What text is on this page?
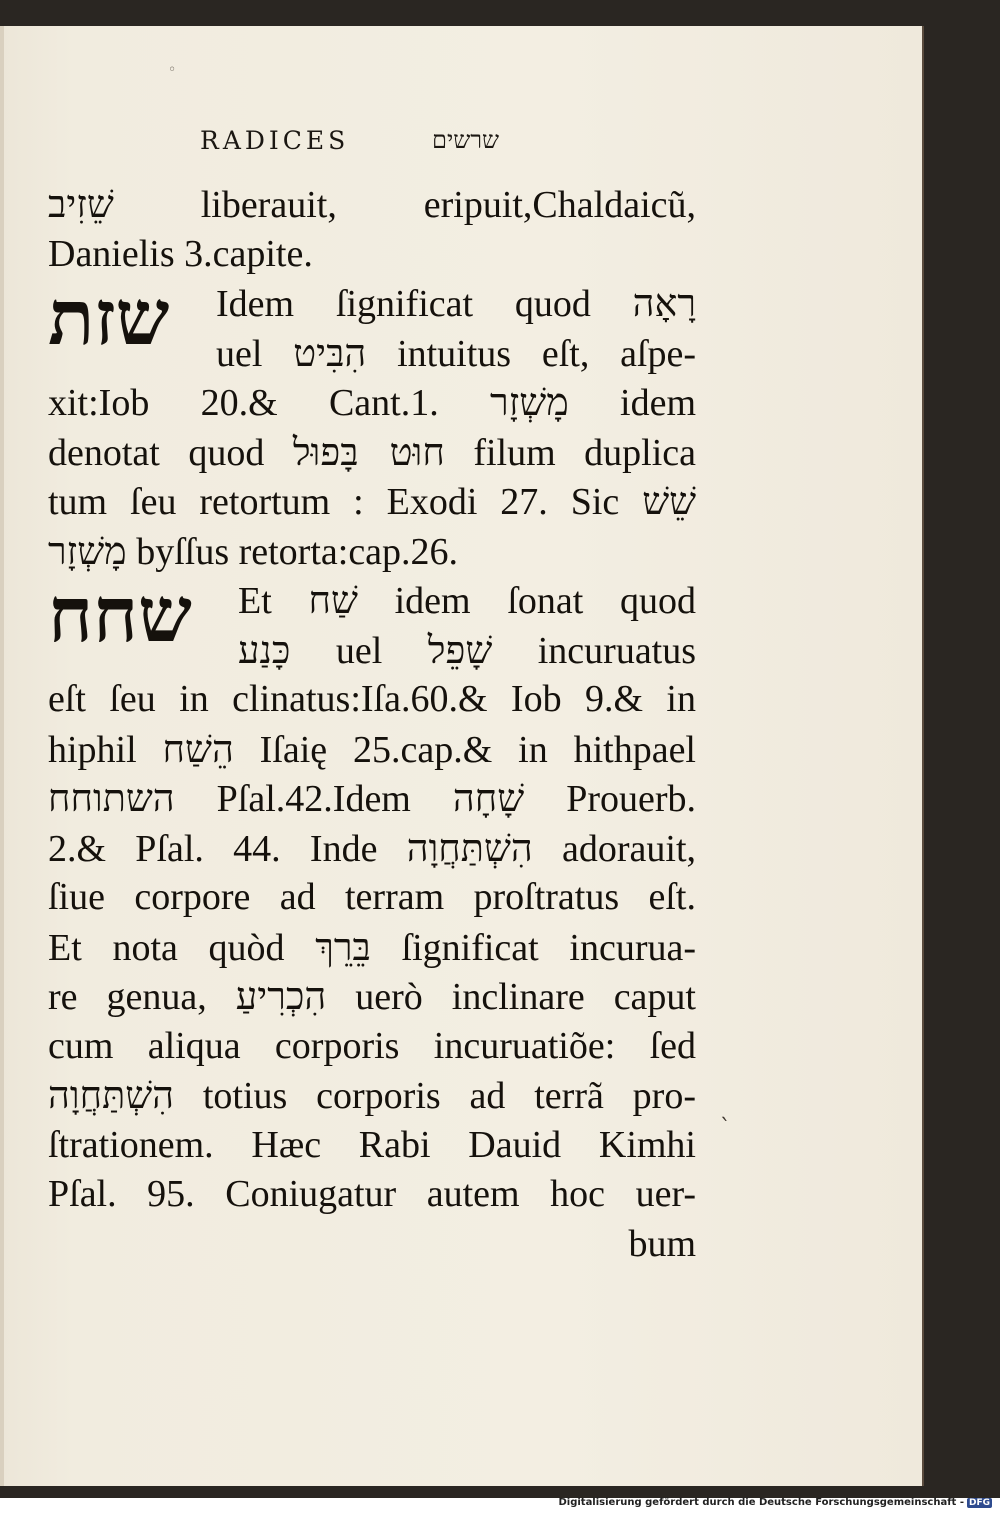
◦
RADICES	שרשים
שֵׁזִיב liberauit, eripuit,Chaldaicũ,
Danielis 3.capite.
שזת Idem ſignificat quod רָאָה
uel הִבִּיט intuitus eſt, aſpe-
xit:Iob 20.& Cant.1. מָשְׁזָר idem
denotat quod חוּט בָּפוּל filum duplica
tum ſeu retortum : Exodi 27. Sic שֵׁשׁ
מָשְׁזָר byſſus retorta:cap.26.
שחח Et שַׁח idem ſonat quod
כָּנַע uel שָׁפֵל incuruatus
eſt ſeu in clinatus:Iſa.60.& Iob 9.& in
hiphil הֵשַׁח Iſaię 25.cap.& in hithpael
השתוחח Pſal.42.Idem שָׁחָה Prouerb.
2.& Pſal. 44. Inde הִשְׁתַּחֲוָה adorauit,
ſiue corpore ad terram proſtratus eſt.
Et nota quòd בֵּרֵךְ ſignificat incurua-
re genua, הִכְרִיעַ uerò inclinare caput
cum aliqua corporis incuruatiõe: ſed
הִשְׁתַּחֲוָה totius corporis ad terrã pro-
ſtrationem. Hæc Rabi Dauid Kimhi
Pſal. 95. Coniugatur autem hoc uer-
bum
`
Digitalisierung gefördert durch die Deutsche Forschungsgemeinschaft - DFG
